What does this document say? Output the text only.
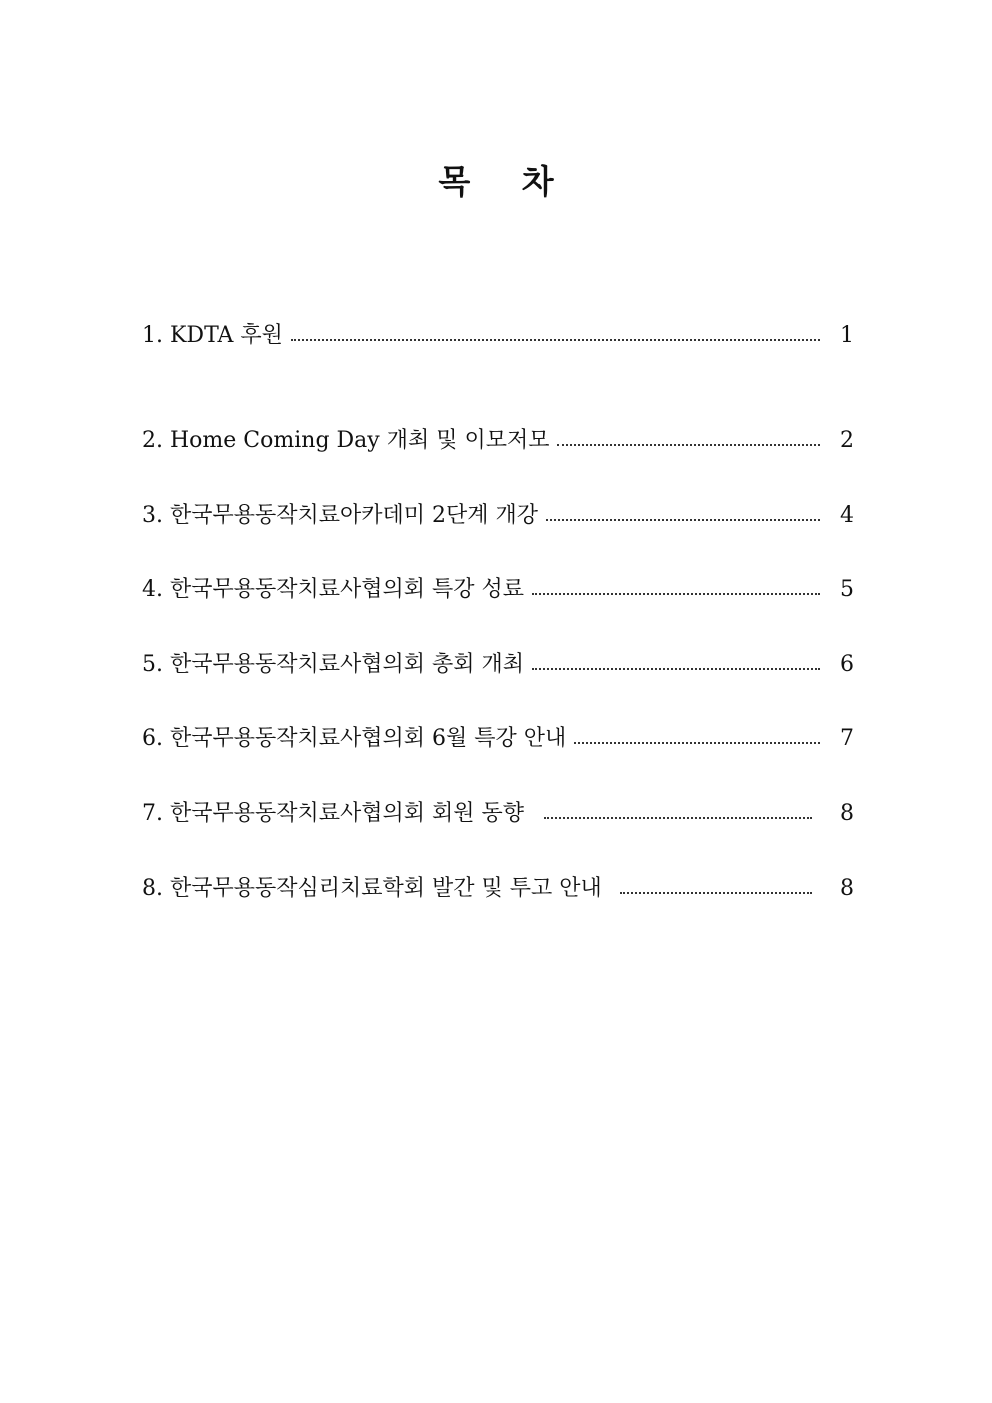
목 차
1.
KDTA 후원	1
2.
Home Coming Day 개최 및 이모저모	2
3.
한국무용동작치료아카데미 2단계 개강	4
4.
한국무용동작치료사협의회 특강 성료	5
5.
한국무용동작치료사협의회 총회 개최	6
6.
한국무용동작치료사협의회 6월 특강 안내	7
7.
한국무용동작치료사협의회 회원 동향	8
8.
한국무용동작심리치료학회 발간 및 투고 안내	8
